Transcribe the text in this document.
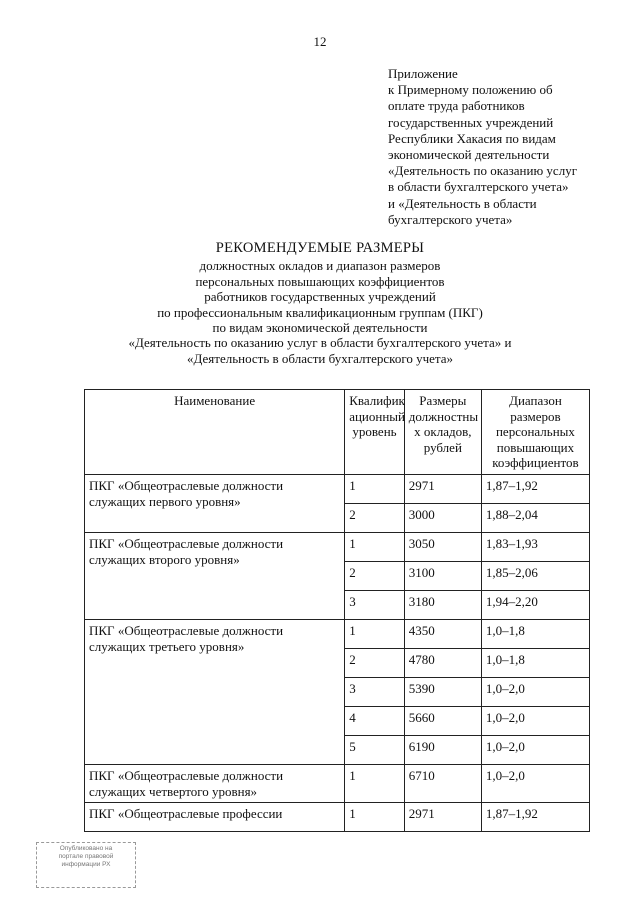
12
Приложение
к Примерному положению об
оплате труда работников
государственных учреждений
Республики Хакасия по видам
экономической деятельности
«Деятельность по оказанию услуг
в области бухгалтерского учета»
и «Деятельность в области
бухгалтерского учета»
РЕКОМЕНДУЕМЫЕ РАЗМЕРЫ
должностных окладов и диапазон размеров
персональных повышающих коэффициентов
работников государственных учреждений
по профессиональным квалификационным группам (ПКГ)
по видам экономической деятельности
«Деятельность по оказанию услуг в области бухгалтерского учета» и
«Деятельность в области бухгалтерского учета»
Наименование	Квалифик ационный уровень	Размеры должностны х окладов, рублей	Диапазон размеров персональных повышающих коэффициентов
ПКГ «Общеотраслевые должности служащих первого уровня»	1	2971	1,87–1,92
	2	3000	1,88–2,04
ПКГ «Общеотраслевые должности служащих второго уровня»	1	3050	1,83–1,93
	2	3100	1,85–2,06
	3	3180	1,94–2,20
ПКГ «Общеотраслевые должности служащих третьего уровня»	1	4350	1,0–1,8
	2	4780	1,0–1,8
	3	5390	1,0–2,0
	4	5660	1,0–2,0
	5	6190	1,0–2,0
ПКГ «Общеотраслевые должности служащих четвертого уровня»	1	6710	1,0–2,0
ПКГ «Общеотраслевые профессии	1	2971	1,87–1,92
Опубликовано на
портале правовой
информации РХ
